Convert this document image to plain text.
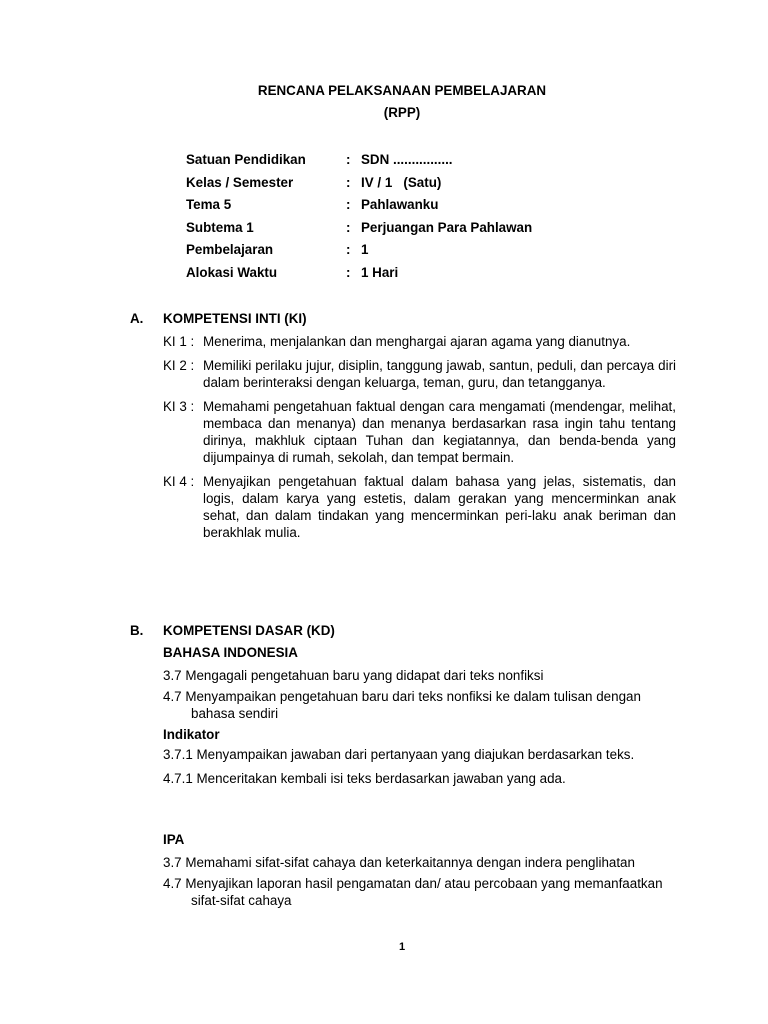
RENCANA PELAKSANAAN PEMBELAJARAN
(RPP)
Satuan Pendidikan	: SDN ................
Kelas / Semester	: IV / 1   (Satu)
Tema 5	: Pahlawanku
Subtema 1	: Perjuangan Para Pahlawan
Pembelajaran	: 1
Alokasi Waktu	: 1 Hari
A.	KOMPETENSI INTI (KI)
KI 1 : Menerima, menjalankan dan menghargai ajaran agama yang dianutnya.
KI 2 : Memiliki perilaku jujur, disiplin, tanggung jawab, santun, peduli, dan percaya diri dalam berinteraksi dengan keluarga, teman, guru, dan tetangganya.
KI 3 : Memahami pengetahuan faktual dengan cara mengamati (mendengar, melihat, membaca dan menanya) dan menanya berdasarkan rasa ingin tahu tentang dirinya, makhluk ciptaan Tuhan dan kegiatannya, dan benda-benda yang dijumpainya di rumah, sekolah, dan tempat bermain.
KI 4 : Menyajikan pengetahuan faktual dalam bahasa yang jelas, sistematis, dan logis, dalam karya yang estetis, dalam gerakan yang mencerminkan anak sehat, dan dalam tindakan yang mencerminkan peri-laku anak beriman dan berakhlak mulia.
B.	KOMPETENSI DASAR (KD)
BAHASA INDONESIA
3.7 Mengagali pengetahuan baru yang didapat dari teks nonfiksi
4.7 Menyampaikan pengetahuan baru dari teks nonfiksi ke dalam tulisan dengan bahasa sendiri
Indikator
3.7.1 Menyampaikan jawaban dari pertanyaan yang diajukan berdasarkan teks.
4.7.1 Menceritakan kembali isi teks berdasarkan jawaban yang ada.
IPA
3.7 Memahami sifat-sifat cahaya dan keterkaitannya dengan indera penglihatan
4.7 Menyajikan laporan hasil pengamatan dan/ atau percobaan yang memanfaatkan sifat-sifat cahaya
1
